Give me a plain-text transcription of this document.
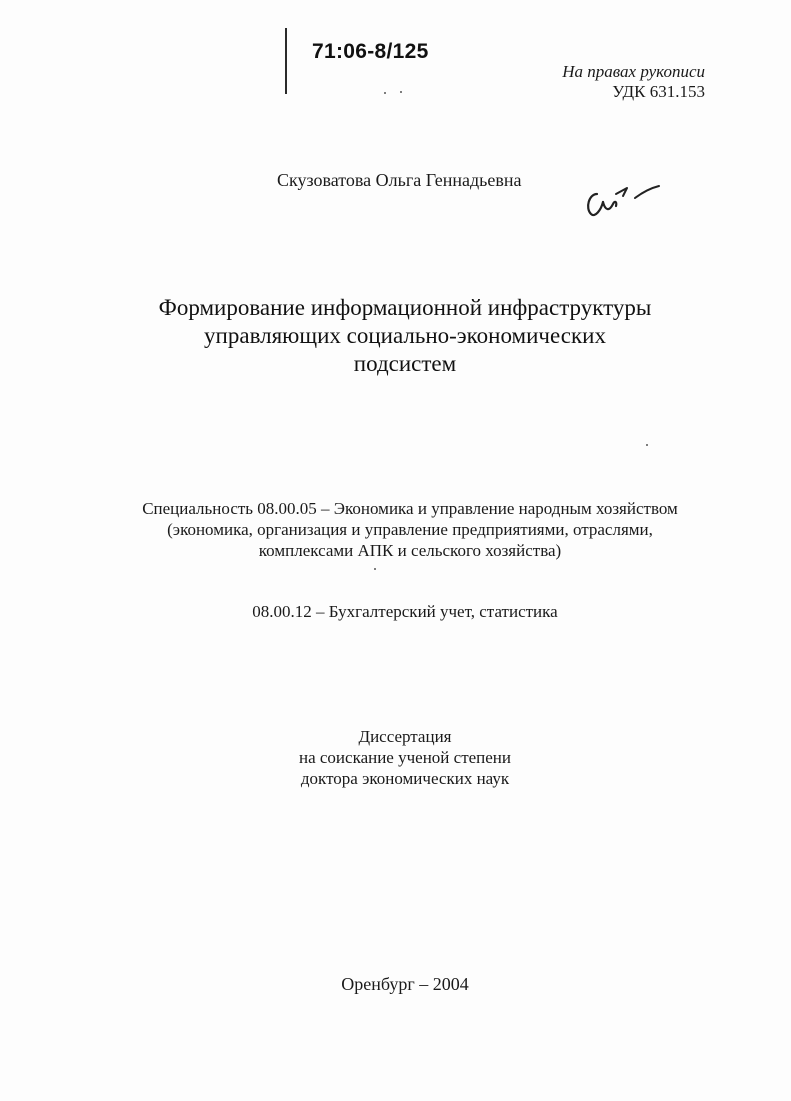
71:06-8/125
На правах рукописи
УДК 631.153
Скузоватова Ольга Геннадьевна
Формирование информационной инфраструктуры
управляющих социально-экономических
подсистем
Специальность 08.00.05 – Экономика и управление народным хозяйством
(экономика, организация и управление предприятиями, отраслями,
комплексами АПК и сельского хозяйства)
08.00.12 – Бухгалтерский учет, статистика
Диссертация
на соискание ученой степени
доктора экономических наук
Оренбург – 2004
